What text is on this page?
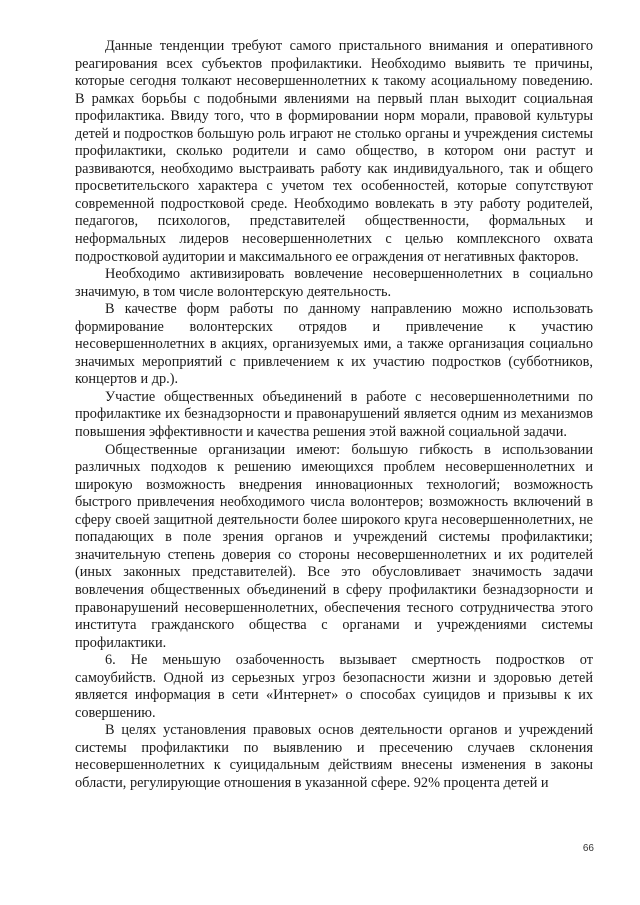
Данные тенденции требуют самого пристального внимания и оперативного реагирования всех субъектов профилактики. Необходимо выявить те причины, которые сегодня толкают несовершеннолетних к такому асоциальному поведению. В рамках борьбы с подобными явлениями на первый план выходит социальная профилактика. Ввиду того, что в формировании норм морали, правовой культуры детей и подростков большую роль играют не столько органы и учреждения системы профилактики, сколько родители и само общество, в котором они растут и развиваются, необходимо выстраивать работу как индивидуального, так и общего просветительского характера с учетом тех особенностей, которые сопутствуют современной подростковой среде. Необходимо вовлекать в эту работу родителей, педагогов, психологов, представителей общественности, формальных и неформальных лидеров несовершеннолетних с целью комплексного охвата подростковой аудитории и максимального ее ограждения от негативных факторов.

Необходимо активизировать вовлечение несовершеннолетних в социально значимую, в том числе волонтерскую деятельность.

В качестве форм работы по данному направлению можно использовать формирование волонтерских отрядов и привлечение к участию несовершеннолетних в акциях, организуемых ими, а также организация социально значимых мероприятий с привлечением к их участию подростков (субботников, концертов и др.).

Участие общественных объединений в работе с несовершеннолетними по профилактике их безнадзорности и правонарушений является одним из механизмов повышения эффективности и качества решения этой важной социальной задачи.

Общественные организации имеют: большую гибкость в использовании различных подходов к решению имеющихся проблем несовершеннолетних и широкую возможность внедрения инновационных технологий; возможность быстрого привлечения необходимого числа волонтеров; возможность включений в сферу своей защитной деятельности более широкого круга несовершеннолетних, не попадающих в поле зрения органов и учреждений системы профилактики; значительную степень доверия со стороны несовершеннолетних и их родителей (иных законных представителей). Все это обусловливает значимость задачи вовлечения общественных объединений в сферу профилактики безнадзорности и правонарушений несовершеннолетних, обеспечения тесного сотрудничества этого института гражданского общества с органами и учреждениями системы профилактики.

6. Не меньшую озабоченность вызывает смертность подростков от самоубийств. Одной из серьезных угроз безопасности жизни и здоровью детей является информация в сети «Интернет» о способах суицидов и призывы к их совершению.

В целях установления правовых основ деятельности органов и учреждений системы профилактики по выявлению и пресечению случаев склонения несовершеннолетних к суицидальным действиям внесены изменения в законы области, регулирующие отношения в указанной сфере. 92% процента детей и

66
